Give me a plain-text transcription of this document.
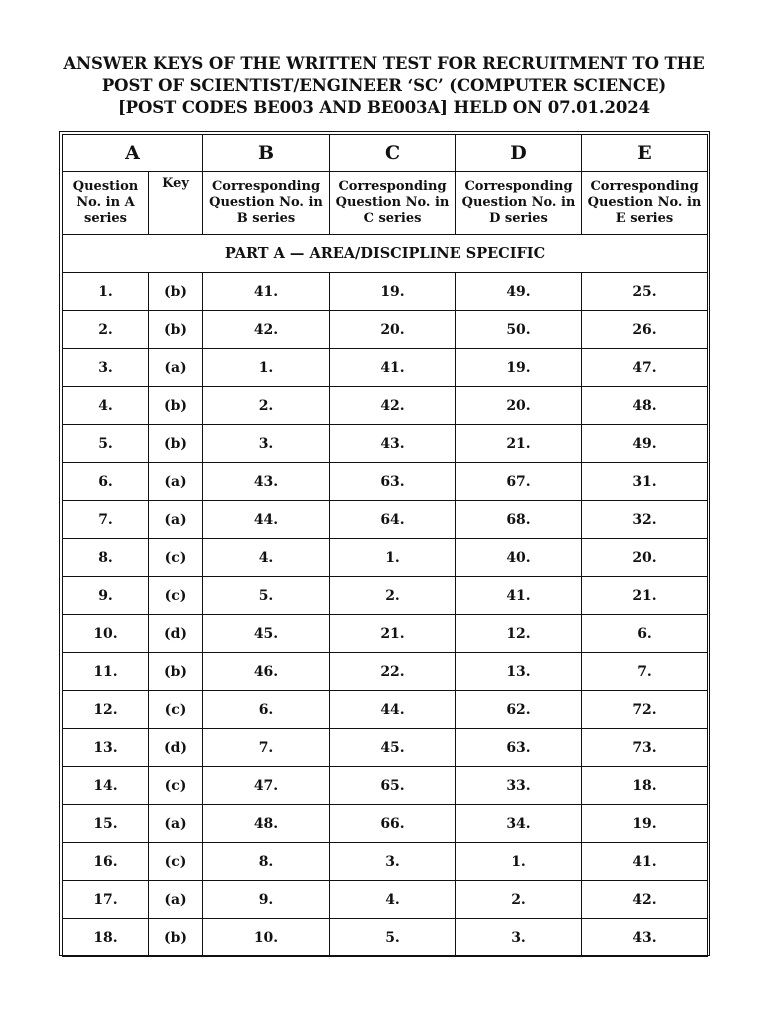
ANSWER KEYS OF THE WRITTEN TEST FOR RECRUITMENT TO THE
POST OF SCIENTIST/ENGINEER ‘SC’ (COMPUTER SCIENCE)
[POST CODES BE003 AND BE003A] HELD ON 07.01.2024
A		B	C	D	E
Question No. in A series	Key	Corresponding Question No. in B series	Corresponding Question No. in C series	Corresponding Question No. in D series	Corresponding Question No. in E series
PART A — AREA/DISCIPLINE SPECIFIC					
1.	(b)	41.	19.	49.	25.
2.	(b)	42.	20.	50.	26.
3.	(a)	1.	41.	19.	47.
4.	(b)	2.	42.	20.	48.
5.	(b)	3.	43.	21.	49.
6.	(a)	43.	63.	67.	31.
7.	(a)	44.	64.	68.	32.
8.	(c)	4.	1.	40.	20.
9.	(c)	5.	2.	41.	21.
10.	(d)	45.	21.	12.	6.
11.	(b)	46.	22.	13.	7.
12.	(c)	6.	44.	62.	72.
13.	(d)	7.	45.	63.	73.
14.	(c)	47.	65.	33.	18.
15.	(a)	48.	66.	34.	19.
16.	(c)	8.	3.	1.	41.
17.	(a)	9.	4.	2.	42.
18.	(b)	10.	5.	3.	43.
